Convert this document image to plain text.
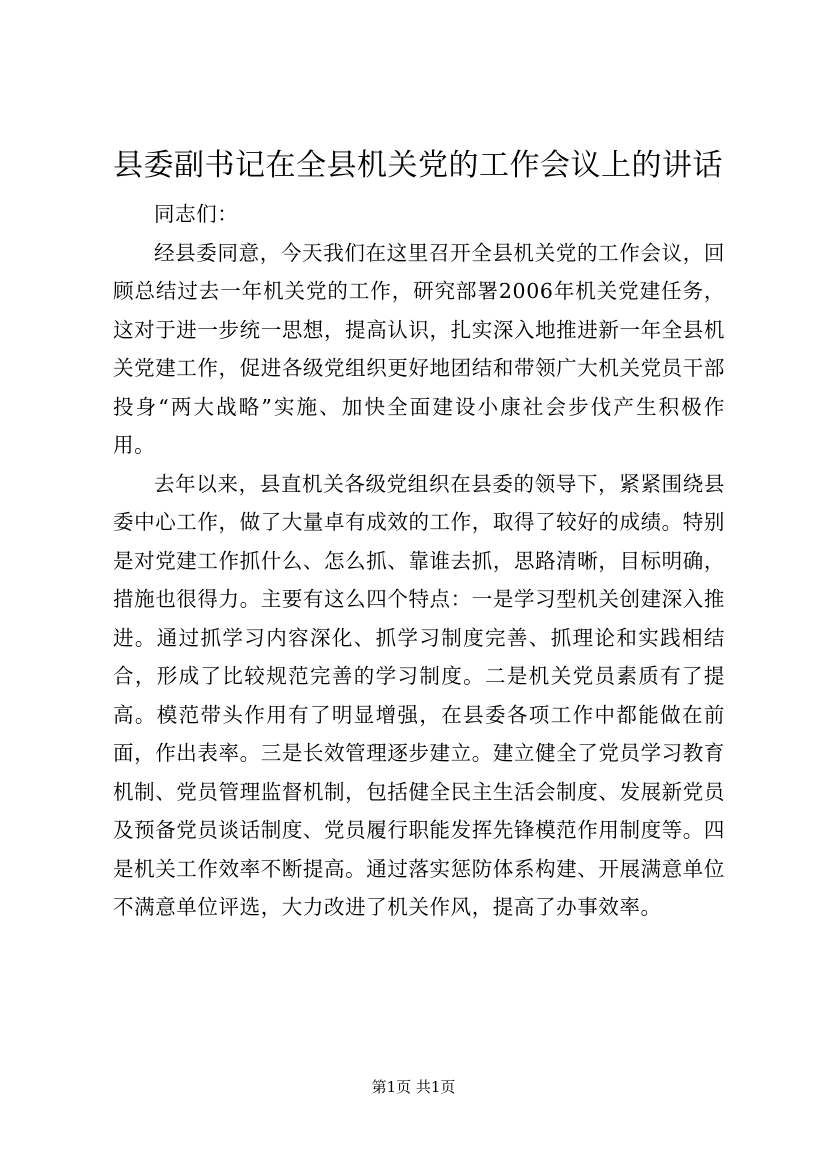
县委副书记在全县机关党的工作会议上的讲话

同志们：

经县委同意，今天我们在这里召开全县机关党的工作会议，回顾总结过去一年机关党的工作，研究部署2006年机关党建任务，这对于进一步统一思想，提高认识，扎实深入地推进新一年全县机关党建工作，促进各级党组织更好地团结和带领广大机关党员干部投身“两大战略”实施、加快全面建设小康社会步伐产生积极作用。

去年以来，县直机关各级党组织在县委的领导下，紧紧围绕县委中心工作，做了大量卓有成效的工作，取得了较好的成绩。特别是对党建工作抓什么、怎么抓、靠谁去抓，思路清晰，目标明确，措施也很得力。主要有这么四个特点：一是学习型机关创建深入推进。通过抓学习内容深化、抓学习制度完善、抓理论和实践相结合，形成了比较规范完善的学习制度。二是机关党员素质有了提高。模范带头作用有了明显增强，在县委各项工作中都能做在前面，作出表率。三是长效管理逐步建立。建立健全了党员学习教育机制、党员管理监督机制，包括健全民主生活会制度、发展新党员及预备党员谈话制度、党员履行职能发挥先锋模范作用制度等。四是机关工作效率不断提高。通过落实惩防体系构建、开展满意单位不满意单位评选，大力改进了机关作风，提高了办事效率。

第1页 共1页
